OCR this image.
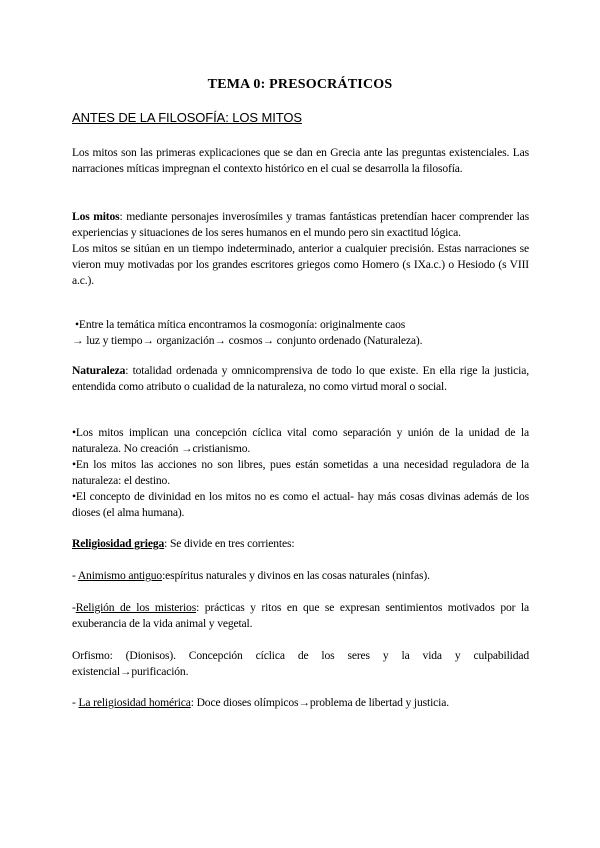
TEMA 0: PRESOCRÁTICOS
ANTES DE LA FILOSOFÍA: LOS MITOS

Los mitos son las primeras explicaciones que se dan en Grecia ante las preguntas existenciales. Las narraciones míticas impregnan el contexto histórico en el cual se desarrolla la filosofía.

Los mitos: mediante personajes inverosímiles y tramas fantásticas pretendían hacer comprender las experiencias y situaciones de los seres humanos en el mundo pero sin exactitud lógica.

Los mitos se sitúan en un tiempo indeterminado, anterior a cualquier precisión. Estas narraciones se vieron muy motivadas por los grandes escritores griegos como Homero (s IXa.c.) o Hesiodo (s VIII a.c.).

•Entre la temática mítica encontramos la cosmogonía: originalmente caos
→ luz y tiempo→ organización→ cosmos→ conjunto ordenado (Naturaleza).

Naturaleza: totalidad ordenada y omnicomprensiva de todo lo que existe. En ella rige la justicia, entendida como atributo o cualidad de la naturaleza, no como virtud moral o social.

•Los mitos implican una concepción cíclica vital como separación y unión de la unidad de la naturaleza. No creación →cristianismo.

•En los mitos las acciones no son libres, pues están sometidas a una necesidad reguladora de la naturaleza: el destino.

•El concepto de divinidad en los mitos no es como el actual- hay más cosas divinas además de los dioses (el alma humana).

Religiosidad griega: Se divide en tres corrientes:

- Animismo antiguo:espíritus naturales y divinos en las cosas naturales (ninfas).

-Religión de los misterios: prácticas y ritos en que se expresan sentimientos motivados por la exuberancia de la vida animal y vegetal.

Orfismo: (Dionisos). Concepción cíclica de los seres y la vida y culpabilidad existencial→purificación.

- La religiosidad homérica: Doce dioses olímpicos→problema de libertad y justicia.
